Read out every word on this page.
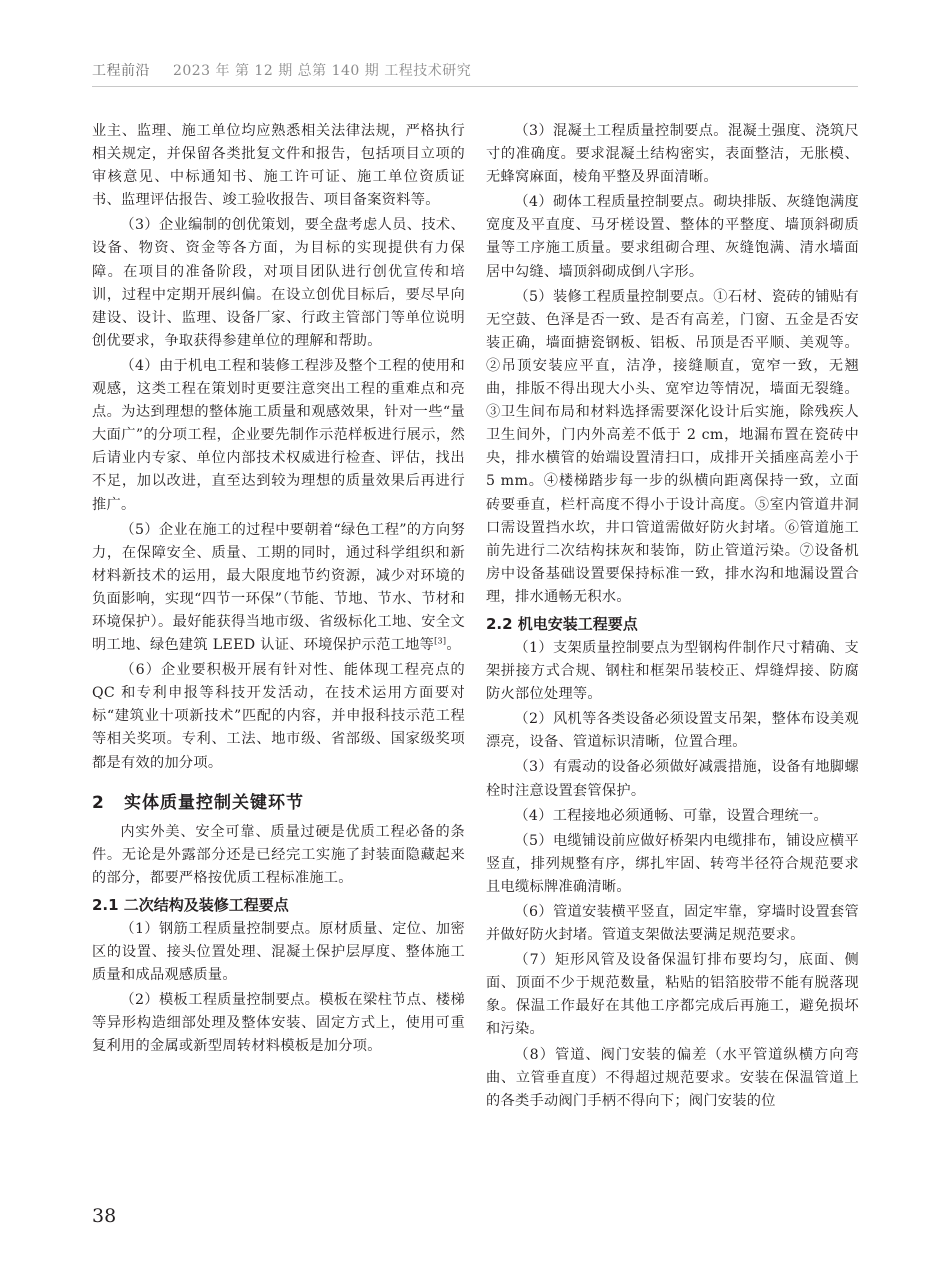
工程前沿 2023 年 第 12 期 总第 140 期 工程技术研究

业主、监理、施工单位均应熟悉相关法律法规，严格执行相关规定，并保留各类批复文件和报告，包括项目立项的审核意见、中标通知书、施工许可证、施工单位资质证书、监理评估报告、竣工验收报告、项目备案资料等。

（3）企业编制的创优策划，要全盘考虑人员、技术、设备、物资、资金等各方面，为目标的实现提供有力保障。在项目的准备阶段，对项目团队进行创优宣传和培训，过程中定期开展纠偏。在设立创优目标后，要尽早向建设、设计、监理、设备厂家、行政主管部门等单位说明创优要求，争取获得参建单位的理解和帮助。

（4）由于机电工程和装修工程涉及整个工程的使用和观感，这类工程在策划时更要注意突出工程的重难点和亮点。为达到理想的整体施工质量和观感效果，针对一些“量大面广”的分项工程，企业要先制作示范样板进行展示，然后请业内专家、单位内部技术权威进行检查、评估，找出不足，加以改进，直至达到较为理想的质量效果后再进行推广。

（5）企业在施工的过程中要朝着“绿色工程”的方向努力，在保障安全、质量、工期的同时，通过科学组织和新材料新技术的运用，最大限度地节约资源，减少对环境的负面影响，实现“四节一环保”（节能、节地、节水、节材和环境保护）。最好能获得当地市级、省级标化工地、安全文明工地、绿色建筑 LEED 认证、环境保护示范工地等[3]。

（6）企业要积极开展有针对性、能体现工程亮点的 QC 和专利申报等科技开发活动，在技术运用方面要对标“建筑业十项新技术”匹配的内容，并申报科技示范工程等相关奖项。专利、工法、地市级、省部级、国家级奖项都是有效的加分项。

2 实体质量控制关键环节

内实外美、安全可靠、质量过硬是优质工程必备的条件。无论是外露部分还是已经完工实施了封装面隐藏起来的部分，都要严格按优质工程标准施工。

2.1 二次结构及装修工程要点

（1）钢筋工程质量控制要点。原材质量、定位、加密区的设置、接头位置处理、混凝土保护层厚度、整体施工质量和成品观感质量。

（2）模板工程质量控制要点。模板在梁柱节点、楼梯等异形构造细部处理及整体安装、固定方式上，使用可重复利用的金属或新型周转材料模板是加分项。

（3）混凝土工程质量控制要点。混凝土强度、浇筑尺寸的准确度。要求混凝土结构密实，表面整洁，无胀模、无蜂窝麻面，棱角平整及界面清晰。

（4）砌体工程质量控制要点。砌块排版、灰缝饱满度宽度及平直度、马牙槎设置、整体的平整度、墙顶斜砌质量等工序施工质量。要求组砌合理、灰缝饱满、清水墙面居中勾缝、墙顶斜砌成倒八字形。

（5）装修工程质量控制要点。①石材、瓷砖的铺贴有无空鼓、色泽是否一致、是否有高差，门窗、五金是否安装正确，墙面搪瓷钢板、铝板、吊顶是否平顺、美观等。②吊顶安装应平直，洁净，接缝顺直，宽窄一致，无翘曲，排版不得出现大小头、宽窄边等情况，墙面无裂缝。③卫生间布局和材料选择需要深化设计后实施，除残疾人卫生间外，门内外高差不低于 2 cm，地漏布置在瓷砖中央，排水横管的始端设置清扫口，成排开关插座高差小于 5 mm。④楼梯踏步每一步的纵横向距离保持一致，立面砖要垂直，栏杆高度不得小于设计高度。⑤室内管道井洞口需设置挡水坎，井口管道需做好防火封堵。⑥管道施工前先进行二次结构抹灰和装饰，防止管道污染。⑦设备机房中设备基础设置要保持标准一致，排水沟和地漏设置合理，排水通畅无积水。

2.2 机电安装工程要点

（1）支架质量控制要点为型钢构件制作尺寸精确、支架拼接方式合规、钢柱和框架吊装校正、焊缝焊接、防腐防火部位处理等。

（2）风机等各类设备必须设置支吊架，整体布设美观漂亮，设备、管道标识清晰，位置合理。

（3）有震动的设备必须做好减震措施，设备有地脚螺栓时注意设置套管保护。

（4）工程接地必须通畅、可靠，设置合理统一。

（5）电缆铺设前应做好桥架内电缆排布，铺设应横平竖直，排列规整有序，绑扎牢固、转弯半径符合规范要求且电缆标牌准确清晰。

（6）管道安装横平竖直，固定牢靠，穿墙时设置套管并做好防火封堵。管道支架做法要满足规范要求。

（7）矩形风管及设备保温钉排布要均匀，底面、侧面、顶面不少于规范数量，粘贴的铝箔胶带不能有脱落现象。保温工作最好在其他工序都完成后再施工，避免损坏和污染。

（8）管道、阀门安装的偏差（水平管道纵横方向弯曲、立管垂直度）不得超过规范要求。安装在保温管道上的各类手动阀门手柄不得向下；阀门安装的位

38
